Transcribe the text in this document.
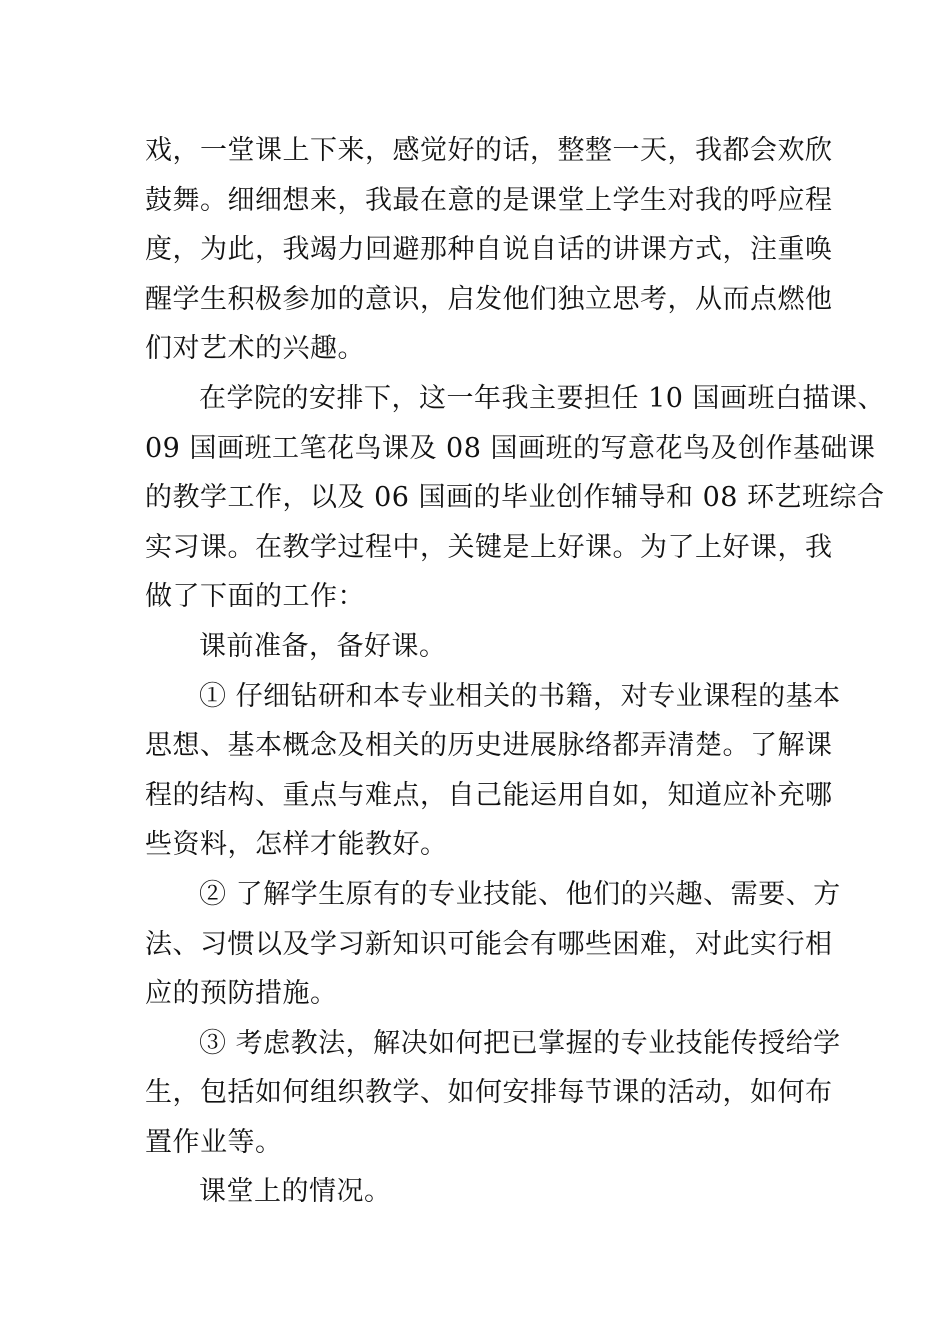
戏，一堂课上下来，感觉好的话，整整一天，我都会欢欣
鼓舞。细细想来，我最在意的是课堂上学生对我的呼应程
度，为此，我竭力回避那种自说自话的讲课方式，注重唤
醒学生积极参加的意识，启发他们独立思考，从而点燃他
们对艺术的兴趣。

在学院的安排下，这一年我主要担任 10 国画班白描课、
09 国画班工笔花鸟课及 08 国画班的写意花鸟及创作基础课
的教学工作，以及 06 国画的毕业创作辅导和 08 环艺班综合
实习课。在教学过程中，关键是上好课。为了上好课，我
做了下面的工作：

课前准备，备好课。

① 仔细钻研和本专业相关的书籍，对专业课程的基本
思想、基本概念及相关的历史进展脉络都弄清楚。了解课
程的结构、重点与难点，自己能运用自如，知道应补充哪
些资料，怎样才能教好。

② 了解学生原有的专业技能、他们的兴趣、需要、方
法、习惯以及学习新知识可能会有哪些困难，对此实行相
应的预防措施。

③ 考虑教法，解决如何把已掌握的专业技能传授给学
生，包括如何组织教学、如何安排每节课的活动，如何布
置作业等。

课堂上的情况。
